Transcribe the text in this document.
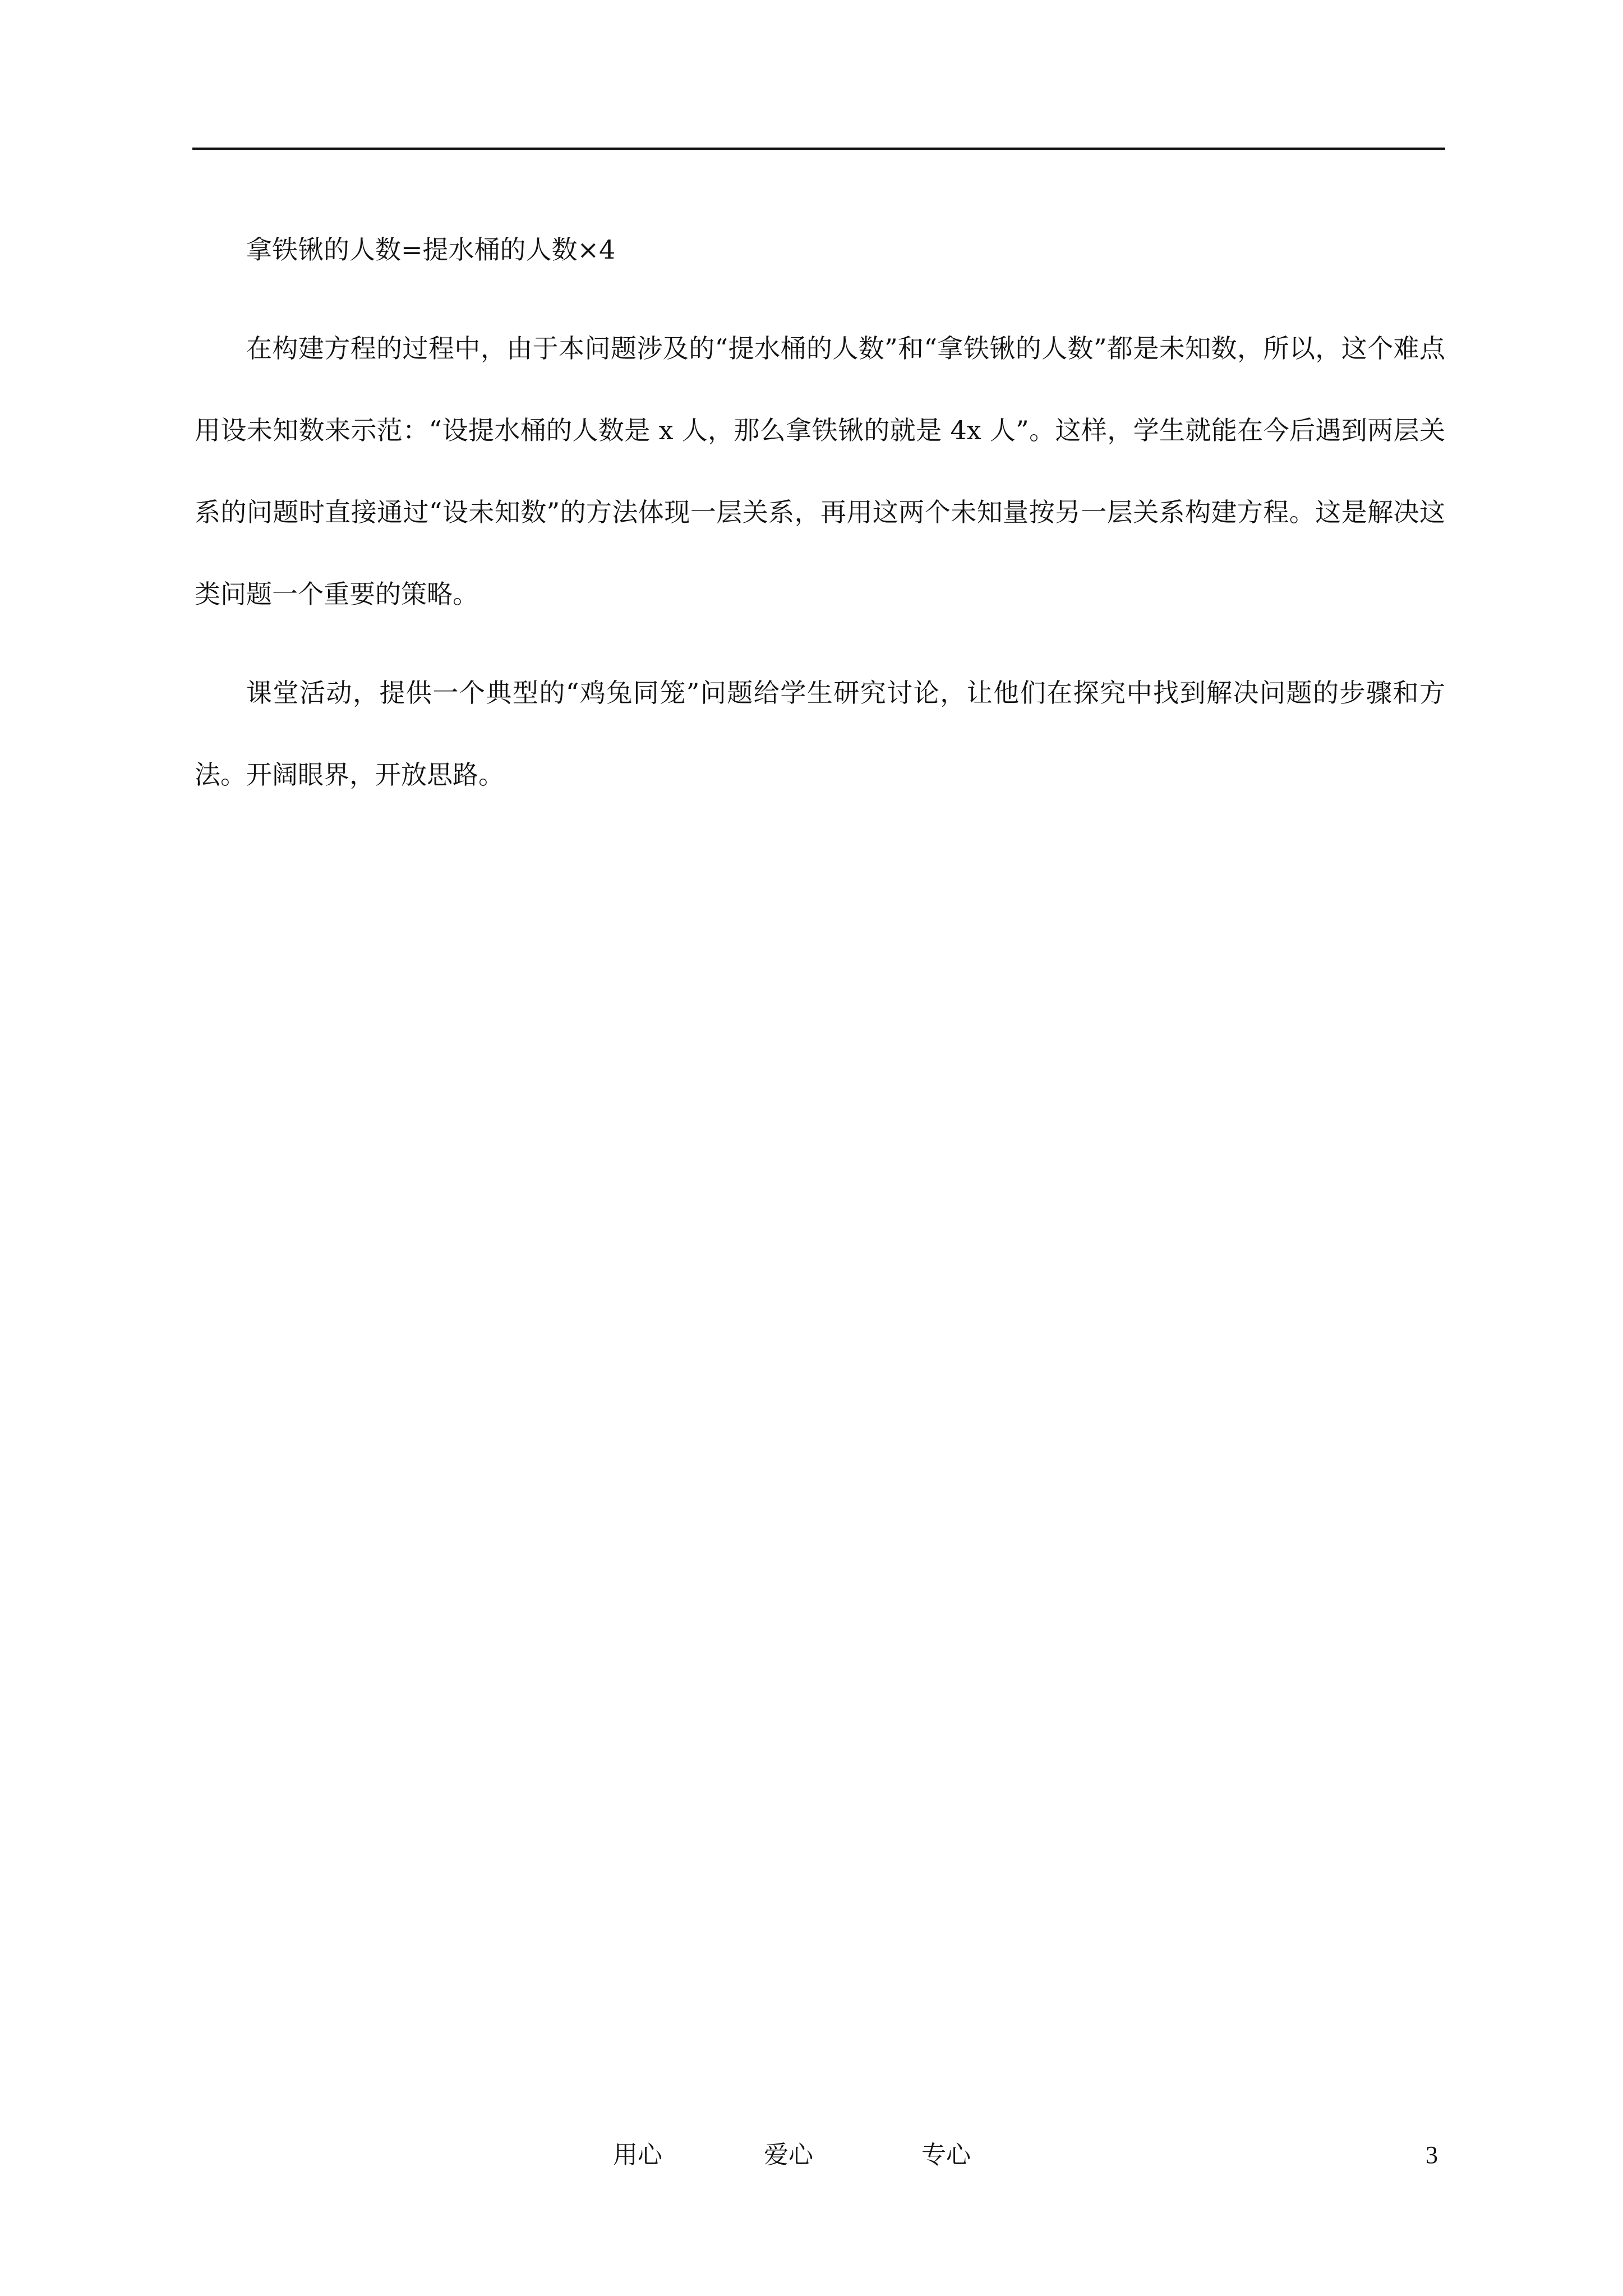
拿铁锹的人数=提水桶的人数×4

在构建方程的过程中，由于本问题涉及的“提水桶的人数”和“拿铁锹的人数”都是未知数，所以，这个难点用设未知数来示范：“设提水桶的人数是 x 人，那么拿铁锹的就是 4x 人”。这样，学生就能在今后遇到两层关系的问题时直接通过“设未知数”的方法体现一层关系，再用这两个未知量按另一层关系构建方程。这是解决这类问题一个重要的策略。

课堂活动，提供一个典型的“鸡兔同笼”问题给学生研究讨论，让他们在探究中找到解决问题的步骤和方法。开阔眼界，开放思路。

用心	爱心	专心	3
